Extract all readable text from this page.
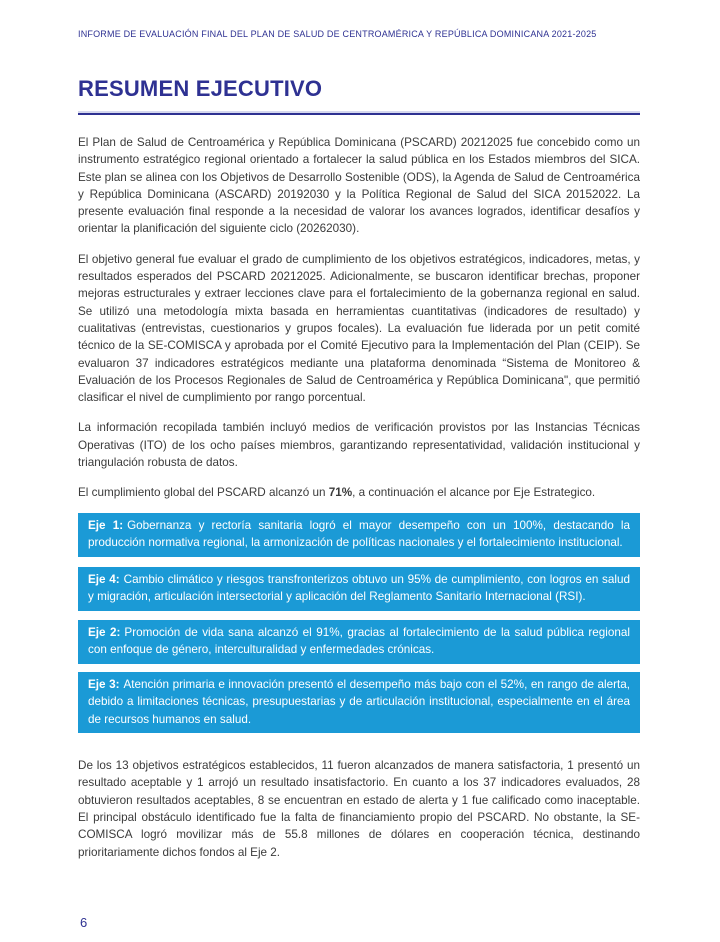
INFORME DE EVALUACIÓN FINAL DEL PLAN DE SALUD DE CENTROAMÉRICA Y REPÚBLICA DOMINICANA 2021-2025
RESUMEN EJECUTIVO

El Plan de Salud de Centroamérica y República Dominicana (PSCARD) 20212025 fue concebido como un instrumento estratégico regional orientado a fortalecer la salud pública en los Estados miembros del SICA. Este plan se alinea con los Objetivos de Desarrollo Sostenible (ODS), la Agenda de Salud de Centroamérica y República Dominicana (ASCARD) 20192030 y la Política Regional de Salud del SICA 20152022. La presente evaluación final responde a la necesidad de valorar los avances logrados, identificar desafíos y orientar la planificación del siguiente ciclo (20262030).

El objetivo general fue evaluar el grado de cumplimiento de los objetivos estratégicos, indicadores, metas, y resultados esperados del PSCARD 20212025. Adicionalmente, se buscaron identificar brechas, proponer mejoras estructurales y extraer lecciones clave para el fortalecimiento de la gobernanza regional en salud. Se utilizó una metodología mixta basada en herramientas cuantitativas (indicadores de resultado) y cualitativas (entrevistas, cuestionarios y grupos focales). La evaluación fue liderada por un petit comité técnico de la SE-COMISCA y aprobada por el Comité Ejecutivo para la Implementación del Plan (CEIP). Se evaluaron 37 indicadores estratégicos mediante una plataforma denominada “Sistema de Monitoreo & Evaluación de los Procesos Regionales de Salud de Centroamérica y República Dominicana", que permitió clasificar el nivel de cumplimiento por rango porcentual.

La información recopilada también incluyó medios de verificación provistos por las Instancias Técnicas Operativas (ITO) de los ocho países miembros, garantizando representatividad, validación institucional y triangulación robusta de datos.

El cumplimiento global del PSCARD alcanzó un 71%, a continuación el alcance por Eje Estrategico.

Eje 1: Gobernanza y rectoría sanitaria logró el mayor desempeño con un 100%, destacando la producción normativa regional, la armonización de políticas nacionales y el fortalecimiento institucional.
Eje 4: Cambio climático y riesgos transfronterizos obtuvo un 95% de cumplimiento, con logros en salud y migración, articulación intersectorial y aplicación del Reglamento Sanitario Internacional (RSI).
Eje 2: Promoción de vida sana alcanzó el 91%, gracias al fortalecimiento de la salud pública regional con enfoque de género, interculturalidad y enfermedades crónicas.
Eje 3: Atención primaria e innovación presentó el desempeño más bajo con el 52%, en rango de alerta, debido a limitaciones técnicas, presupuestarias y de articulación institucional, especialmente en el área de recursos humanos en salud.

De los 13 objetivos estratégicos establecidos, 11 fueron alcanzados de manera satisfactoria, 1 presentó un resultado aceptable y 1 arrojó un resultado insatisfactorio. En cuanto a los 37 indicadores evaluados, 28 obtuvieron resultados aceptables, 8 se encuentran en estado de alerta y 1 fue calificado como inaceptable. El principal obstáculo identificado fue la falta de financiamiento propio del PSCARD. No obstante, la SE-COMISCA logró movilizar más de 55.8 millones de dólares en cooperación técnica, destinando prioritariamente dichos fondos al Eje 2.

6
